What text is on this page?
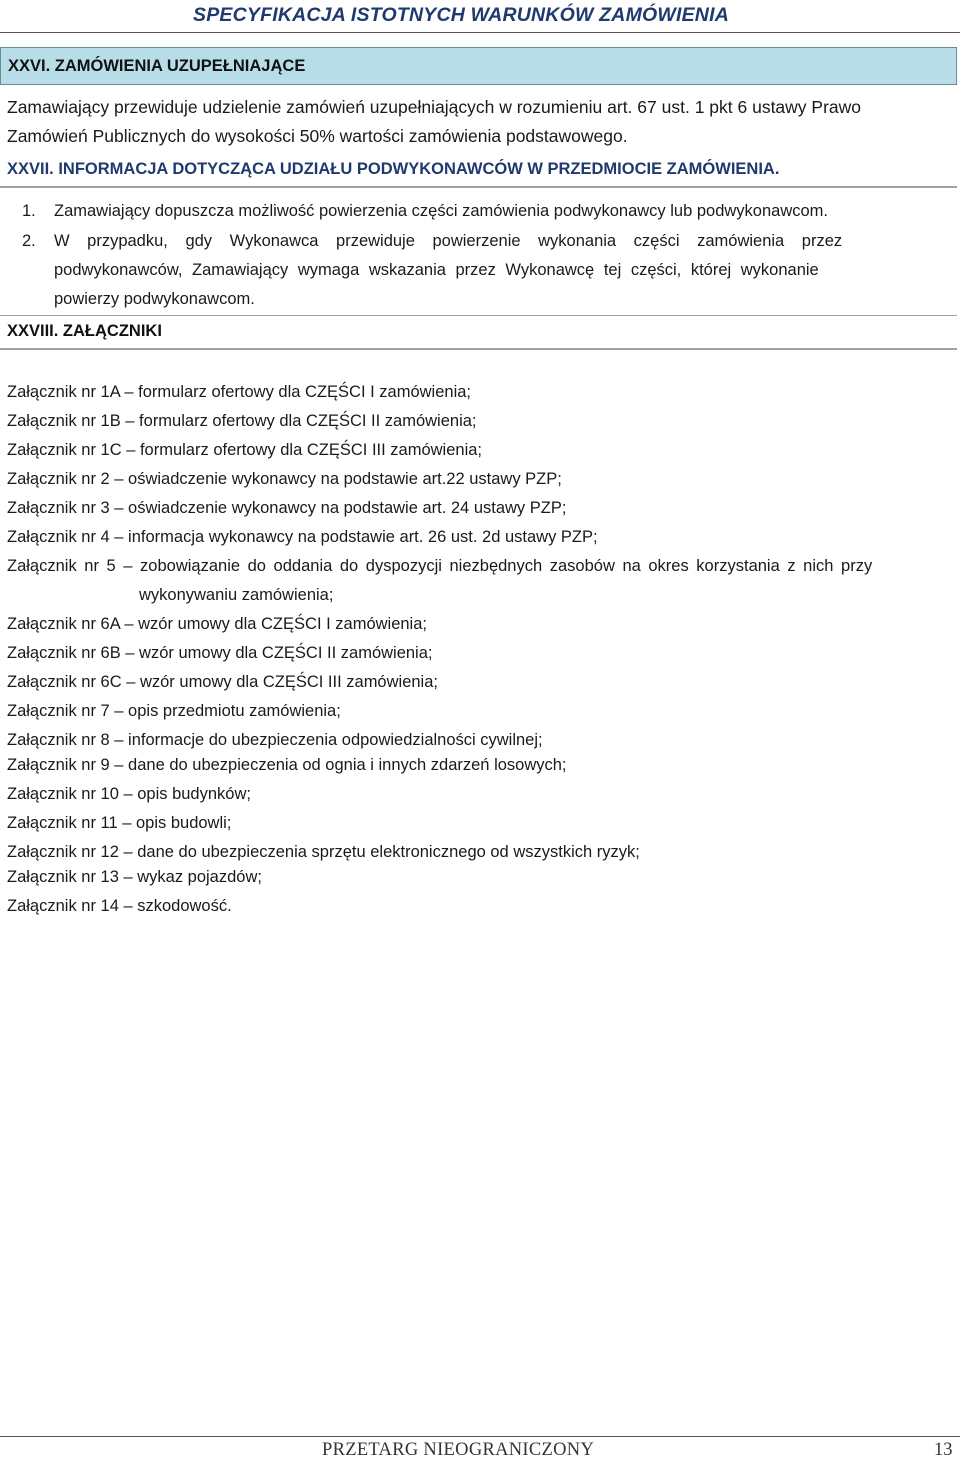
SPECYFIKACJA ISTOTNYCH WARUNKÓW ZAMÓWIENIA
XXVI. ZAMÓWIENIA UZUPEŁNIAJĄCE
Zamawiający przewiduje udzielenie zamówień uzupełniających w rozumieniu art. 67 ust. 1 pkt 6 ustawy Prawo
Zamówień Publicznych do wysokości 50% wartości zamówienia podstawowego.
XXVII. INFORMACJA DOTYCZĄCA UDZIAŁU PODWYKONAWCÓW W PRZEDMIOCIE ZAMÓWIENIA.
1. Zamawiający dopuszcza możliwość powierzenia części zamówienia podwykonawcy lub podwykonawcom.
2. W przypadku, gdy Wykonawca przewiduje powierzenie wykonania części zamówienia przez
podwykonawców, Zamawiający wymaga wskazania przez Wykonawcę tej części, której wykonanie
powierzy podwykonawcom.
XXVIII. ZAŁĄCZNIKI
Załącznik nr 1A – formularz ofertowy dla CZĘŚCI I zamówienia;
Załącznik nr 1B – formularz ofertowy dla CZĘŚCI II zamówienia;
Załącznik nr 1C – formularz ofertowy dla CZĘŚCI III zamówienia;
Załącznik nr 2 – oświadczenie wykonawcy na podstawie art.22 ustawy PZP;
Załącznik nr 3 – oświadczenie wykonawcy na podstawie art. 24 ustawy PZP;
Załącznik nr 4 – informacja wykonawcy na podstawie art. 26 ust. 2d ustawy PZP;
Załącznik nr 5 – zobowiązanie do oddania do dyspozycji niezbędnych zasobów na okres korzystania z nich przy
wykonywaniu zamówienia;
Załącznik nr 6A – wzór umowy dla CZĘŚCI I zamówienia;
Załącznik nr 6B – wzór umowy dla CZĘŚCI II zamówienia;
Załącznik nr 6C – wzór umowy dla CZĘŚCI III zamówienia;
Załącznik nr 7 – opis przedmiotu zamówienia;
Załącznik nr 8 – informacje do ubezpieczenia odpowiedzialności cywilnej;
Załącznik nr 9 – dane do ubezpieczenia od ognia i innych zdarzeń losowych;
Załącznik nr 10 – opis budynków;
Załącznik nr 11 – opis budowli;
Załącznik nr 12 – dane do ubezpieczenia sprzętu elektronicznego od wszystkich ryzyk;
Załącznik nr 13 – wykaz pojazdów;
Załącznik nr 14 – szkodowość.
PRZETARG NIEOGRANICZONY	13
